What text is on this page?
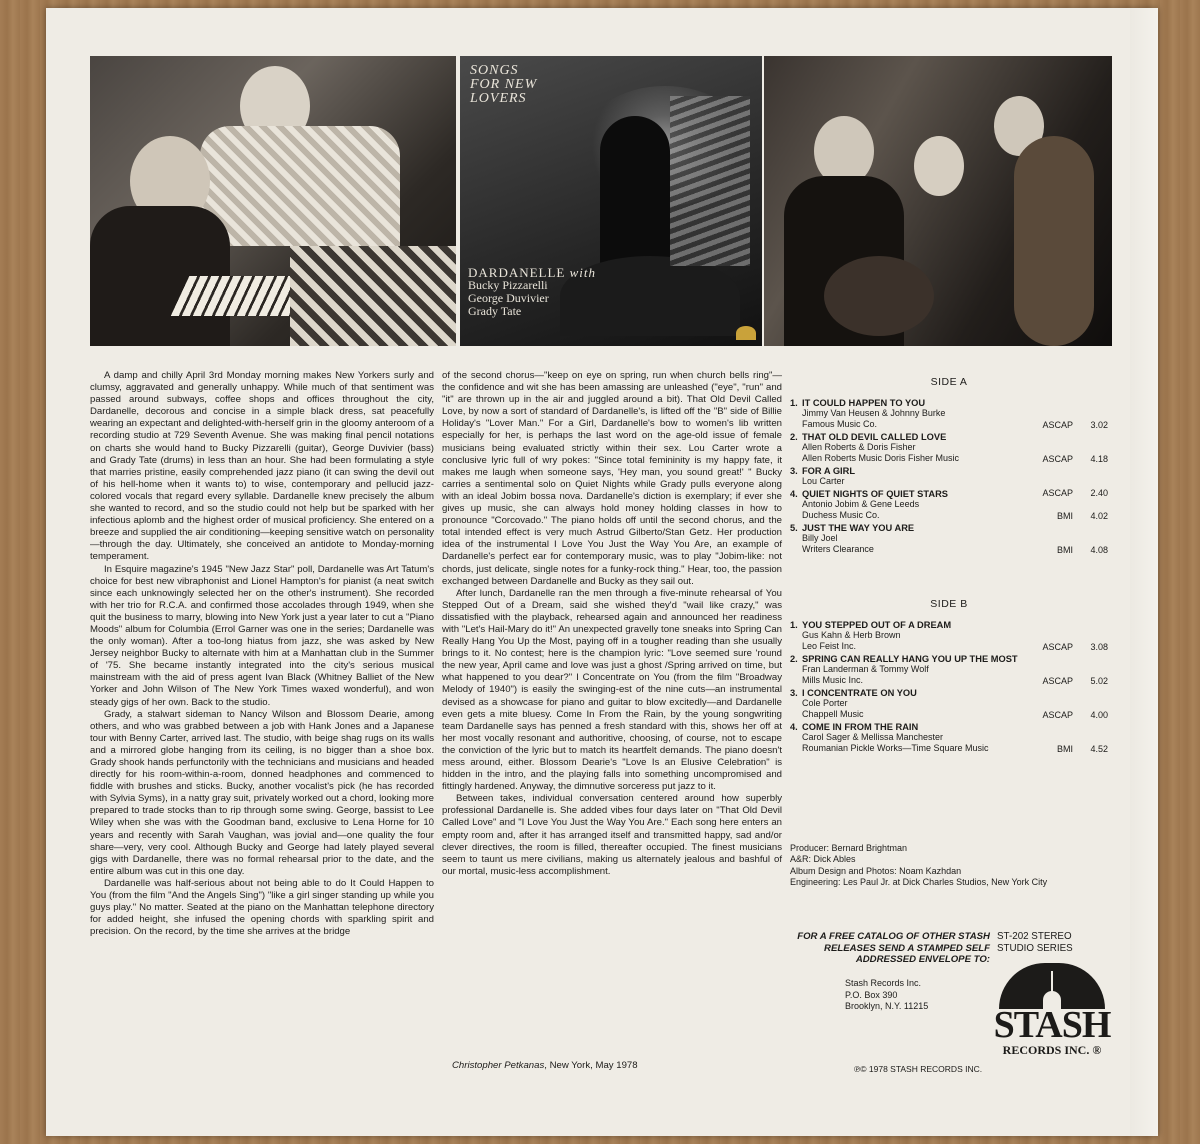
SONGS
FOR NEW
LOVERS
DARDANELLE with
Bucky Pizzarelli
George Duvivier
Grady Tate

A damp and chilly April 3rd Monday morning makes New Yorkers surly and clumsy, aggravated and generally unhappy. While much of that sentiment was passed around subways, coffee shops and offices throughout the city, Dardanelle, decorous and concise in a simple black dress, sat peacefully wearing an expectant and delighted-with-herself grin in the gloomy anteroom of a recording studio at 729 Seventh Avenue. She was making final pencil notations on charts she would hand to Bucky Pizzarelli (guitar), George Duvivier (bass) and Grady Tate (drums) in less than an hour. She had been formulating a style that marries pristine, easily comprehended jazz piano (it can swing the devil out of his hell-home when it wants to) to wise, contemporary and pellucid jazz-colored vocals that regard every syllable. Dardanelle knew precisely the album she wanted to record, and so the studio could not help but be sparked with her infectious aplomb and the highest order of musical proficiency. She entered on a breeze and supplied the air conditioning—keeping sensitive watch on personality—through the day. Ultimately, she conceived an antidote to Monday-morning temperament.

In Esquire magazine's 1945 "New Jazz Star" poll, Dardanelle was Art Tatum's choice for best new vibraphonist and Lionel Hampton's for pianist (a neat switch since each unknowingly selected her on the other's instrument). She recorded with her trio for R.C.A. and confirmed those accolades through 1949, when she quit the business to marry, blowing into New York just a year later to cut a "Piano Moods" album for Columbia (Errol Garner was one in the series; Dardanelle was the only woman). After a too-long hiatus from jazz, she was asked by New Jersey neighbor Bucky to alternate with him at a Manhattan club in the Summer of '75. She became instantly integrated into the city's serious musical mainstream with the aid of press agent Ivan Black (Whitney Balliet of the New Yorker and John Wilson of The New York Times waxed wonderful), and won steady gigs of her own. Back to the studio.

Grady, a stalwart sideman to Nancy Wilson and Blossom Dearie, among others, and who was grabbed between a job with Hank Jones and a Japanese tour with Benny Carter, arrived last. The studio, with beige shag rugs on its walls and a mirrored globe hanging from its ceiling, is no bigger than a shoe box. Grady shook hands perfunctorily with the technicians and musicians and headed directly for his room-within-a-room, donned headphones and commenced to fiddle with brushes and sticks. Bucky, another vocalist's pick (he has recorded with Sylvia Syms), in a natty gray suit, privately worked out a chord, looking more prepared to trade stocks than to rip through some swing. George, bassist to Lee Wiley when she was with the Goodman band, exclusive to Lena Horne for 10 years and recently with Sarah Vaughan, was jovial and—one quality the four share—very, very cool. Although Bucky and George had lately played several gigs with Dardanelle, there was no formal rehearsal prior to the date, and the entire album was cut in this one day.

Dardanelle was half-serious about not being able to do It Could Happen to You (from the film "And the Angels Sing") "like a girl singer standing up while you guys play." No matter. Seated at the piano on the Manhattan telephone directory for added height, she infused the opening chords with sparkling spirit and precision. On the record, by the time she arrives at the bridge

of the second chorus—"keep on eye on spring, run when church bells ring"—the confidence and wit she has been amassing are unleashed ("eye", "run" and "it" are thrown up in the air and juggled around a bit). That Old Devil Called Love, by now a sort of standard of Dardanelle's, is lifted off the "B" side of Billie Holiday's "Lover Man." For a Girl, Dardanelle's bow to women's lib written especially for her, is perhaps the last word on the age-old issue of female musicians being evaluated strictly within their sex. Lou Carter wrote a conclusive lyric full of wry pokes: "Since total femininity is my happy fate, it makes me laugh when someone says, 'Hey man, you sound great!' " Bucky carries a sentimental solo on Quiet Nights while Grady pulls everyone along with an ideal Jobim bossa nova. Dardanelle's diction is exemplary; if ever she gives up music, she can always hold money holding classes in how to pronounce "Corcovado." The piano holds off until the second chorus, and the total intended effect is very much Astrud Gilberto/Stan Getz. Her production idea of the instrumental I Love You Just the Way You Are, an example of Dardanelle's perfect ear for contemporary music, was to play "Jobim-like: not chords, just delicate, single notes for a funky-rock thing." Hear, too, the passion exchanged between Dardanelle and Bucky as they sail out.

After lunch, Dardanelle ran the men through a five-minute rehearsal of You Stepped Out of a Dream, said she wished they'd "wail like crazy," was dissatisfied with the playback, rehearsed again and announced her readiness with "Let's Hail-Mary do it!" An unexpected gravelly tone sneaks into Spring Can Really Hang You Up the Most, paying off in a tougher reading than she usually brings to it. No contest; here is the champion lyric: "Love seemed sure 'round the new year, April came and love was just a ghost /Spring arrived on time, but what happened to you dear?" I Concentrate on You (from the film "Broadway Melody of 1940") is easily the swinging-est of the nine cuts—an instrumental devised as a showcase for piano and guitar to blow excitedly—and Dardanelle even gets a mite bluesy. Come In From the Rain, by the young songwriting team Dardanelle says has penned a fresh standard with this, shows her off at her most vocally resonant and authoritive, choosing, of course, not to escape the conviction of the lyric but to match its heartfelt demands. The piano doesn't mess around, either. Blossom Dearie's "Love Is an Elusive Celebration" is hidden in the intro, and the playing falls into something uncompromised and fittingly hardened. Anyway, the dimnutive sorceress put jazz to it.

Between takes, individual conversation centered around how superbly professional Dardanelle is. She added vibes four days later on "That Old Devil Called Love" and "I Love You Just the Way You Are." Each song here enters an empty room and, after it has arranged itself and transmitted happy, sad and/or clever directives, the room is filled, thereafter occupied. The finest musicians seem to taunt us mere civilians, making us alternately jealous and bashful of our mortal, music-less accomplishment.

Christopher Petkanas, New York, May 1978
SIDE A
1. IT COULD HAPPEN TO YOU
Jimmy Van Heusen & Johnny Burke
Famous Music Co.	ASCAP 3.02
2. THAT OLD DEVIL CALLED LOVE
Allen Roberts & Doris Fisher
Allen Roberts Music Doris Fisher Music	ASCAP 4.18
3. FOR A GIRL
Lou Carter
ASCAP 2.40
4. QUIET NIGHTS OF QUIET STARS
Antonio Jobim & Gene Leeds
Duchess Music Co.	BMI 4.02
5. JUST THE WAY YOU ARE
Billy Joel
Writers Clearance	BMI 4.08
SIDE B
1. YOU STEPPED OUT OF A DREAM
Gus Kahn & Herb Brown
Leo Feist Inc.	ASCAP 3.08
2. SPRING CAN REALLY HANG YOU UP THE MOST
Fran Landerman & Tommy Wolf
Mills Music Inc.	ASCAP 5.02
3. I CONCENTRATE ON YOU
Cole Porter
Chappell Music	ASCAP 4.00
4. COME IN FROM THE RAIN
Carol Sager & Mellissa Manchester
Roumanian Pickle Works—Time Square Music	BMI 4.52
Producer: Bernard Brightman
A&R: Dick Ables
Album Design and Photos: Noam Kazhdan
Engineering: Les Paul Jr. at Dick Charles Studios, New York City
FOR A FREE CATALOG OF OTHER STASH RELEASES SEND A STAMPED SELF ADDRESSED ENVELOPE TO:
Stash Records Inc.
P.O. Box 390
Brooklyn, N.Y. 11215
ST-202 STEREO
STUDIO SERIES
STASH
RECORDS INC. ®
℗© 1978 STASH RECORDS INC.
